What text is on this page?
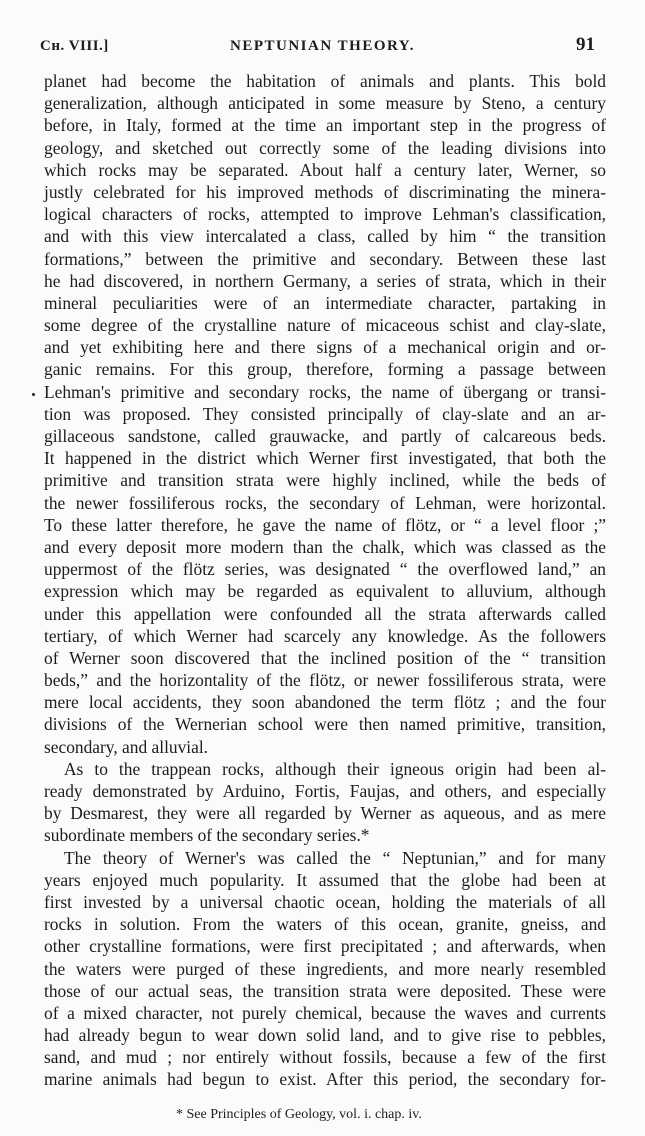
Cʜ. VIII.]	NEPTUNIAN THEORY.	91
planet had become the habitation of animals and plants. This bold
generalization, although anticipated in some measure by Steno, a century
before, in Italy, formed at the time an important step in the progress of
geology, and sketched out correctly some of the leading divisions into
which rocks may be separated. About half a century later, Werner, so
justly celebrated for his improved methods of discriminating the minera-
logical characters of rocks, attempted to improve Lehman's classification,
and with this view intercalated a class, called by him “ the transition
formations,” between the primitive and secondary. Between these last
he had discovered, in northern Germany, a series of strata, which in their
mineral peculiarities were of an intermediate character, partaking in
some degree of the crystalline nature of micaceous schist and clay-slate,
and yet exhibiting here and there signs of a mechanical origin and or-
ganic remains. For this group, therefore, forming a passage between
Lehman's primitive and secondary rocks, the name of übergang or transi-
tion was proposed. They consisted principally of clay-slate and an ar-
gillaceous sandstone, called grauwacke, and partly of calcareous beds.
It happened in the district which Werner first investigated, that both the
primitive and transition strata were highly inclined, while the beds of
the newer fossiliferous rocks, the secondary of Lehman, were horizontal.
To these latter therefore, he gave the name of flötz, or “ a level floor ;”
and every deposit more modern than the chalk, which was classed as the
uppermost of the flötz series, was designated “ the overflowed land,” an
expression which may be regarded as equivalent to alluvium, although
under this appellation were confounded all the strata afterwards called
tertiary, of which Werner had scarcely any knowledge. As the followers
of Werner soon discovered that the inclined position of the “ transition
beds,” and the horizontality of the flötz, or newer fossiliferous strata, were
mere local accidents, they soon abandoned the term flötz ; and the four
divisions of the Wernerian school were then named primitive, transition,
secondary, and alluvial.
As to the trappean rocks, although their igneous origin had been al-
ready demonstrated by Arduino, Fortis, Faujas, and others, and especially
by Desmarest, they were all regarded by Werner as aqueous, and as mere
subordinate members of the secondary series.*
The theory of Werner's was called the “ Neptunian,” and for many
years enjoyed much popularity. It assumed that the globe had been at
first invested by a universal chaotic ocean, holding the materials of all
rocks in solution. From the waters of this ocean, granite, gneiss, and
other crystalline formations, were first precipitated ; and afterwards, when
the waters were purged of these ingredients, and more nearly resembled
those of our actual seas, the transition strata were deposited. These were
of a mixed character, not purely chemical, because the waves and currents
had already begun to wear down solid land, and to give rise to pebbles,
sand, and mud ; nor entirely without fossils, because a few of the first
marine animals had begun to exist. After this period, the secondary for-
* See Principles of Geology, vol. i. chap. iv.
